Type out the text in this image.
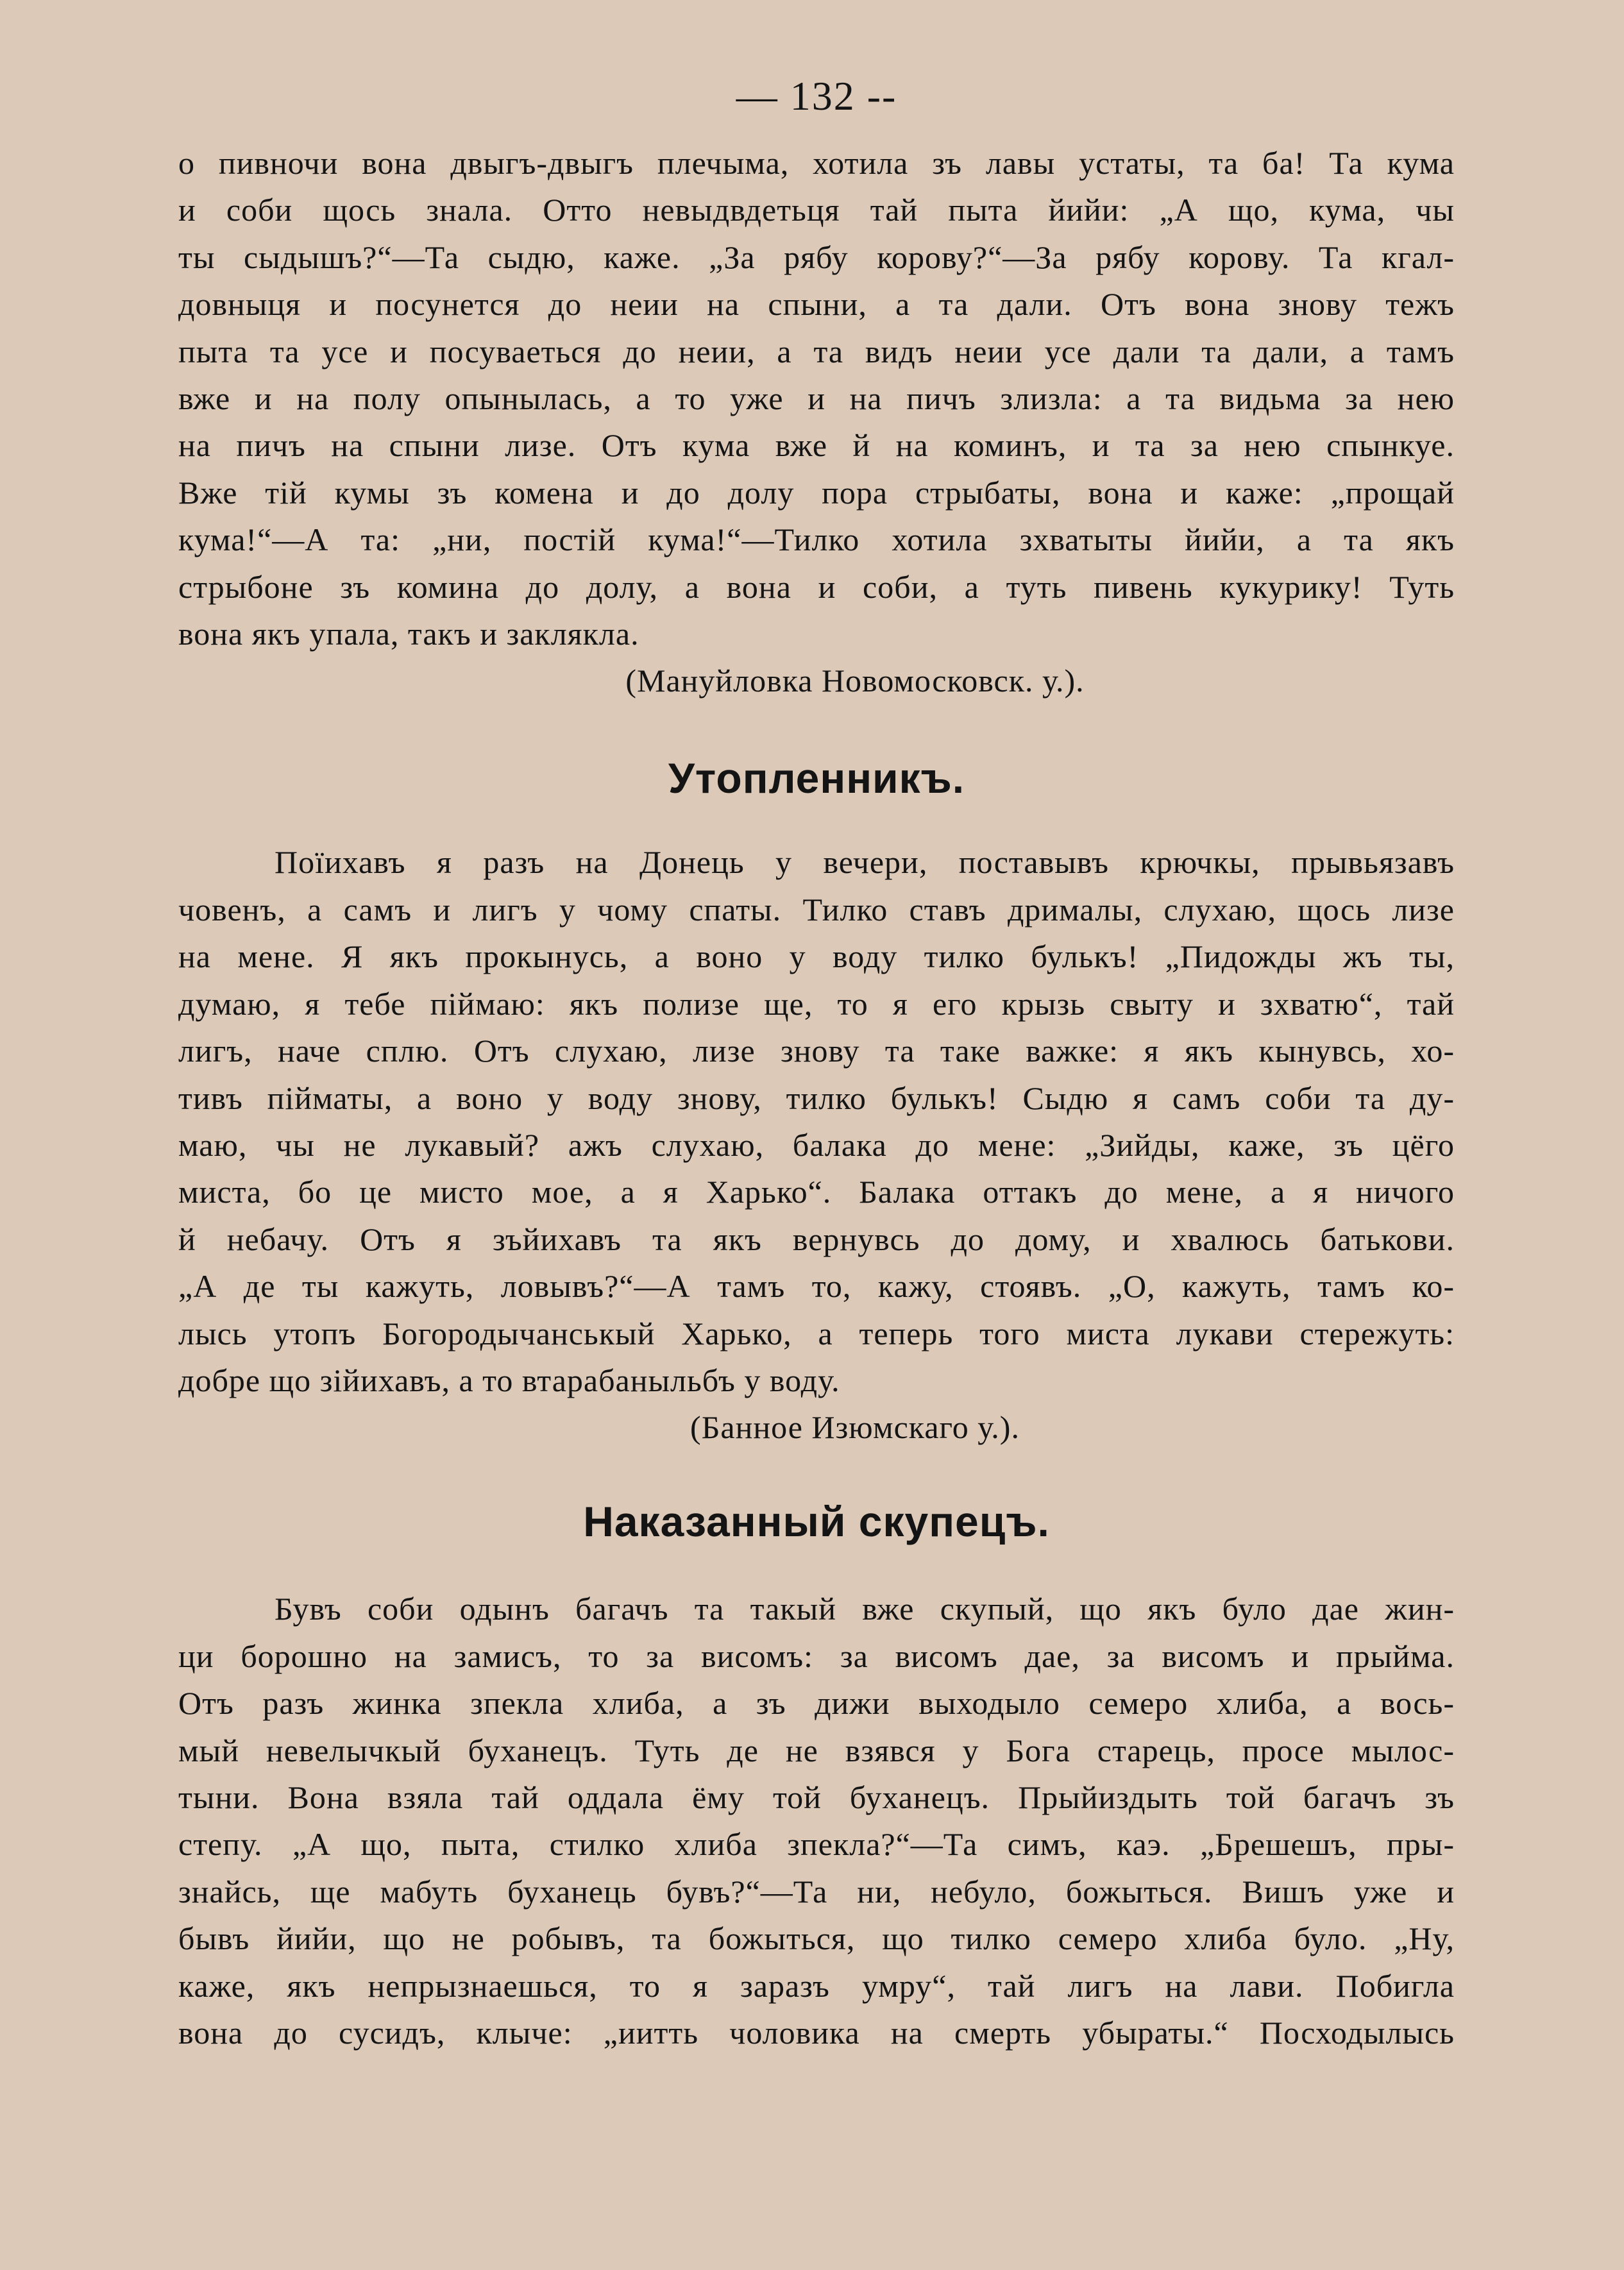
— 132 --
о пивночи вона двыгъ-двыгъ плечыма, хотила зъ лавы устаты, та ба! Та кума
и соби щось знала. Отто невыдвдетьця тай пыта йийи: „А що, кума, чы
ты сыдышъ?“—Та сыдю, каже. „За рябу корову?“—За рябу корову. Та кгал-
довныця и посунется до неии на спыни, а та дали. Отъ вона знову тежъ
пыта та усе и посуваеться до неии, а та видъ неии усе дали та дали, а тамъ
вже и на полу опынылась, а то уже и на пичъ злизла: а та видьма за нею
на пичъ на спыни лизе. Отъ кума вже й на коминъ, и та за нею спынкуе.
Вже тій кумы зъ комена и до долу пора стрыбаты, вона и каже: „прощай
кума!“—А та: „ни, постій кума!“—Тилко хотила зхватыты йийи, а та якъ
стрыбоне зъ комина до долу, а вона и соби, а туть пивень кукурику! Туть
вона якъ упала, такъ и заклякла.

(Мануйловка Новомосковск. у.).

Утопленникъ.
Поїихавъ я разъ на Донець у вечери, поставывъ крючкы, прывьязавъ
човенъ, а самъ и лигъ у чомy спаты. Тилко ставъ дрималы, слухаю, щось лизе
на мене. Я якъ прокынусь, а воно у воду тилко булькъ! „Пидожды жъ ты,
думаю, я тебе піймаю: якъ полизе ще, то я его крызь свыту и зхватю“, тай
лигъ, наче сплю. Отъ слухаю, лизе знову та таке важке: я якъ кынувсь, хо-
тивъ пійматы, а воно у воду знову, тилко булькъ! Сыдю я самъ соби та ду-
маю, чы не лукавый? ажъ слухаю, балака до мене: „Зийды, каже, зъ цёго
миста, бо це мисто мое, а я Харько“. Балака оттакъ до мене, а я ничого
й небачу. Отъ я зъйихавъ та якъ вернувсь до дому, и хвалюсь батькови.
„А де ты кажуть, ловывъ?“—А тамъ то, кажу, стоявъ. „О, кажуть, тамъ ко-
лысь утопъ Богородычанськый Харько, а теперь того миста лукави стережуть:
добре що зійихавъ, а то втарабаныльбъ у воду.

(Банное Изюмскаго у.).

Наказанный скупецъ.
Бувъ соби одынъ багачъ та такый вже скупый, що якъ було дае жин-
ци борошно на замисъ, то за висомъ: за висомъ дае, за висомъ и прыйма.
Отъ разъ жинка зпекла хлиба, а зъ дижи выходыло семеро хлиба, а вось-
мый невелычкый буханецъ. Туть де не взявся у Бога старець, просе мылос-
тыни. Вона взяла тай оддала ёму той буханецъ. Прыйиздыть той багачъ зъ
степу. „А що, пыта, стилко хлиба зпекла?“—Та симъ, каэ. „Брешешъ, пры-
знайсь, ще мабуть буханець бувъ?“—Та ни, небуло, божыться. Вишъ уже и
бывъ йийи, що не робывъ, та божыться, що тилко семеро хлиба було. „Ну,
каже, якъ непрызнаешься, то я заразъ умру“, тай лигъ на лави. Побигла
вона до сусидъ, клыче: „иитть чоловика на смерть убыраты.“ Посходылысь
